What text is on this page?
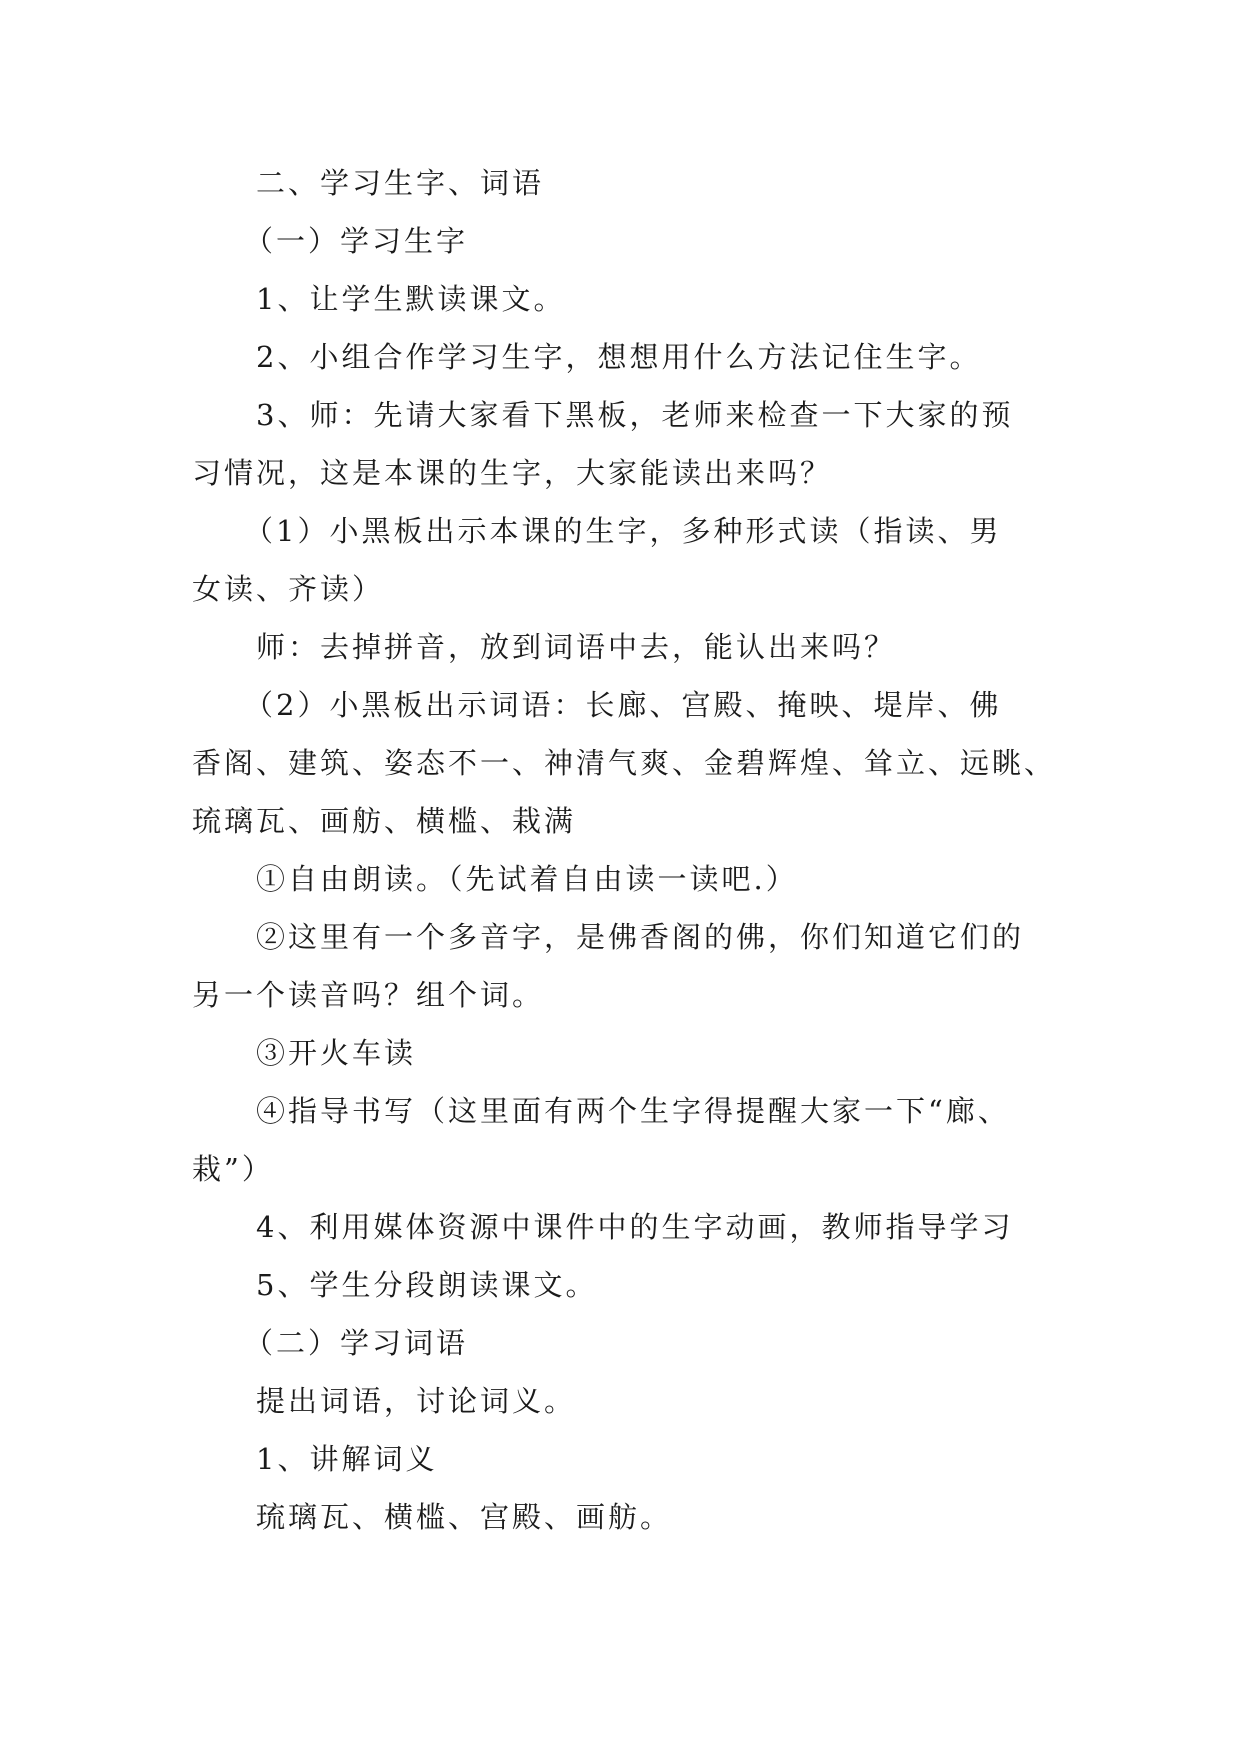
二、学习生字、词语
（一）学习生字
1、让学生默读课文。
2、小组合作学习生字，想想用什么方法记住生字。
3、师：先请大家看下黑板，老师来检查一下大家的预
习情况，这是本课的生字，大家能读出来吗？
（1）小黑板出示本课的生字，多种形式读（指读、男
女读、齐读）
师：去掉拼音，放到词语中去，能认出来吗？
（2）小黑板出示词语：长廊、宫殿、掩映、堤岸、佛
香阁、建筑、姿态不一、神清气爽、金碧辉煌、耸立、远眺、
琉璃瓦、画舫、横槛、栽满
①自由朗读。（先试着自由读一读吧.）
②这里有一个多音字，是佛香阁的佛，你们知道它们的
另一个读音吗？组个词。
③开火车读
④指导书写（这里面有两个生字得提醒大家一下“廊、
栽”）
4、利用媒体资源中课件中的生字动画，教师指导学习
5、学生分段朗读课文。
（二）学习词语
提出词语，讨论词义。
1、讲解词义
琉璃瓦、横槛、宫殿、画舫。
